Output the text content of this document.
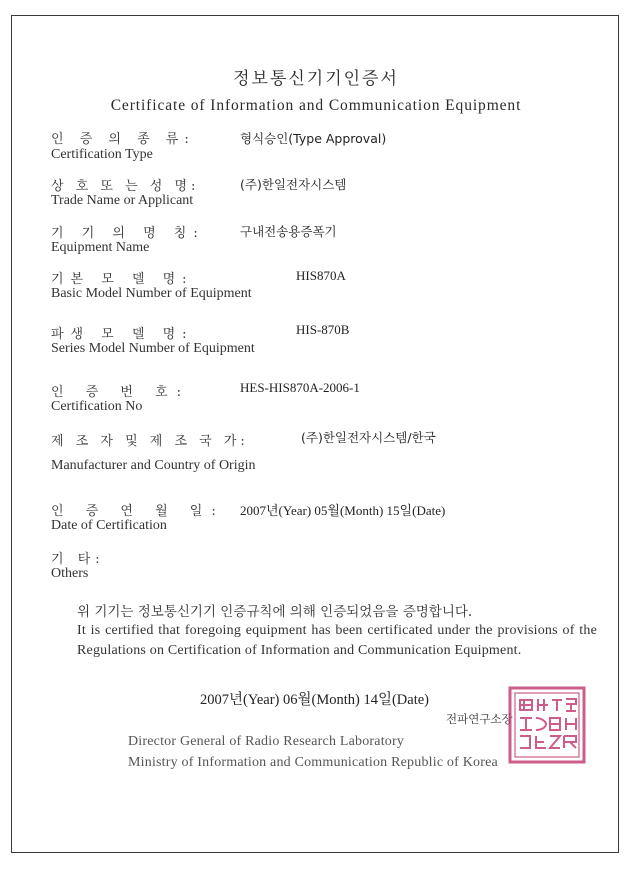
정보통신기기인증서
Certificate of Information and Communication Equipment
인 증 의 종 류:
Certification Type
형식승인(Type Approval)
상 호 또 는 성 명:
Trade Name or Applicant
(주)한일전자시스템
기 기 의 명 칭:
Equipment Name
구내전송용증폭기
기본 모 델 명:
Basic Model Number of Equipment
HIS870A
파생 모 델 명:
Series Model Number of Equipment
HIS-870B
인 증 번 호:
Certification No
HES-HIS870A-2006-1
제 조 자 및 제 조 국 가:
Manufacturer and Country of Origin
(주)한일전자시스템/한국
인 증 연 월 일:
Date of Certification
2007년(Year) 05월(Month) 15일(Date)
기 타:
Others
위 기기는 정보통신기기 인증규칙에 의해 인증되었음을 증명합니다.
It is certified that foregoing equipment has been certificated under the provisions of the Regulations on Certification of Information and Communication Equipment.
2007년(Year) 06월(Month) 14일(Date)
전파연구소장
Director General of Radio Research Laboratory
Ministry of Information and Communication Republic of Korea
